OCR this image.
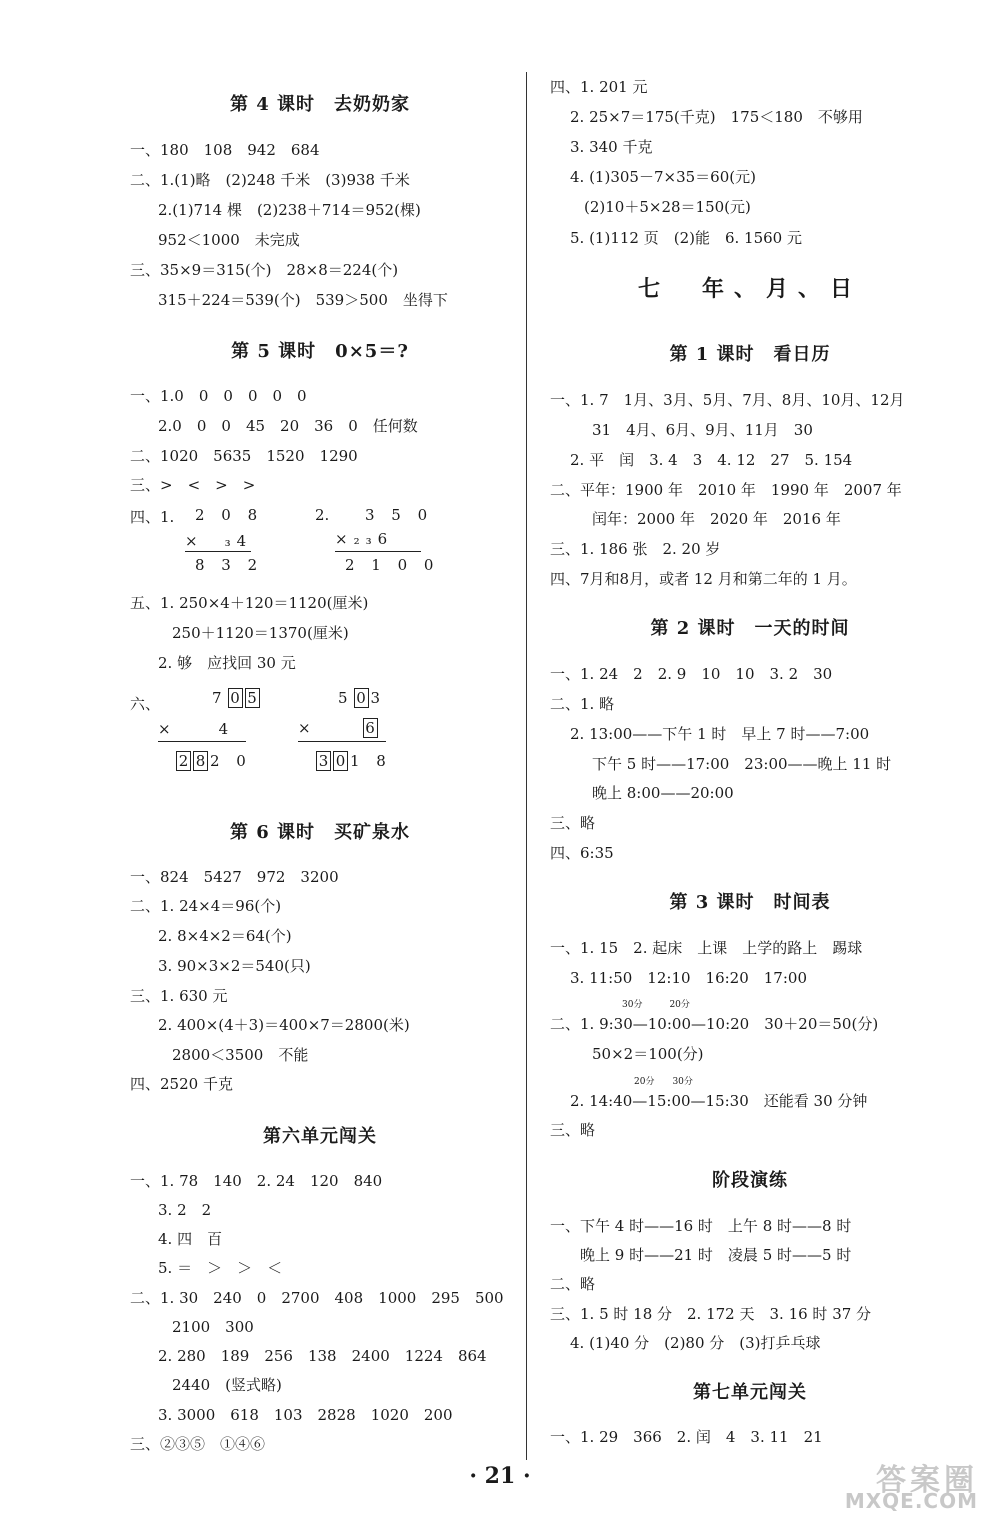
第 4 课时　去奶奶家
一、180　108　942　684
二、1.(1)略　(2)248 千米　(3)938 千米
2.(1)714 棵　(2)238＋714＝952(棵)
952＜1000　未完成
三、35×9＝315(个)　28×8＝224(个)
315＋224＝539(个)　539＞500　坐得下
第 5 课时　0×5＝?
一、1.0　0　0　0　0　0
2.0　0　0　45　20　36　0　任何数
二、1020　5635　1520　1290
三、>　<　>　>
四、1. 2 0 8
×　₃4
8 3 2
2. 3 5 0
×₂₃6
2 1 0 0
五、1. 250×4＋120＝1120(厘米)
250＋1120＝1370(厘米)
2. 够　应找回 30 元
六、	7 0 5
×　　4
2 8 2 0
5 0 3
×	6
3 0 1 8
第 6 课时　买矿泉水
一、824　5427　972　3200
二、1. 24×4＝96(个)
2. 8×4×2＝64(个)
3. 90×3×2＝540(只)
三、1. 630 元
2. 400×(4＋3)＝400×7＝2800(米)
2800＜3500　不能
四、2520 千克
第六单元闯关
一、1. 78　140　2. 24　120　840
3. 2　2
4. 四　百
5. ＝　＞　＞　＜
二、1. 30　240　0　2700　408　1000　295　500
2100　300
2. 280　189　256　138　2400　1224　864
2440　(竖式略)
3. 3000　618　103　2828　1020　200
三、②③⑤　①④⑥
四、1. 201 元
2. 25×7＝175(千克)　175＜180　不够用
3. 340 千克
4. (1)305－7×35＝60(元)
(2)10＋5×28＝150(元)
5. (1)112 页　(2)能　6. 1560 元
七　年、月、日
第 1 课时　看日历
一、1. 7　1月、3月、5月、7月、8月、10月、12月
31　4月、6月、9月、11月　30
2. 平　闰　3. 4　3　4. 12　27　5. 154
二、平年：1900 年　2010 年　1990 年　2007 年
闰年：2000 年　2020 年　2016 年
三、1. 186 张　2. 20 岁
四、7月和8月，或者 12 月和第二年的 1 月。
第 2 课时　一天的时间
一、1. 24　2　2. 9　10　10　3. 2　30
二、1. 略
2. 13:00——下午 1 时　早上 7 时——7:00
下午 5 时——17:00　23:00——晚上 11 时
晚上 8:00——20:00
三、略
四、6:35
第 3 课时　时间表
一、1. 15　2. 起床　上课　上学的路上　踢球
3. 11:50　12:10　16:20　17:00
30分　　　20分
二、1. 9:30—10:00—10:20　30＋20＝50(分)
50×2＝100(分)
20分　　30分
2. 14:40—15:00—15:30　还能看 30 分钟
三、略
阶段演练
一、下午 4 时——16 时　上午 8 时——8 时
晚上 9 时——21 时　凌晨 5 时——5 时
二、略
三、1. 5 时 18 分　2. 172 天　3. 16 时 37 分
4. (1)40 分　(2)80 分　(3)打乒乓球
第七单元闯关
一、1. 29　366　2. 闰　4　3. 11　21
· 21 ·	答案圈
MXQE.COM
